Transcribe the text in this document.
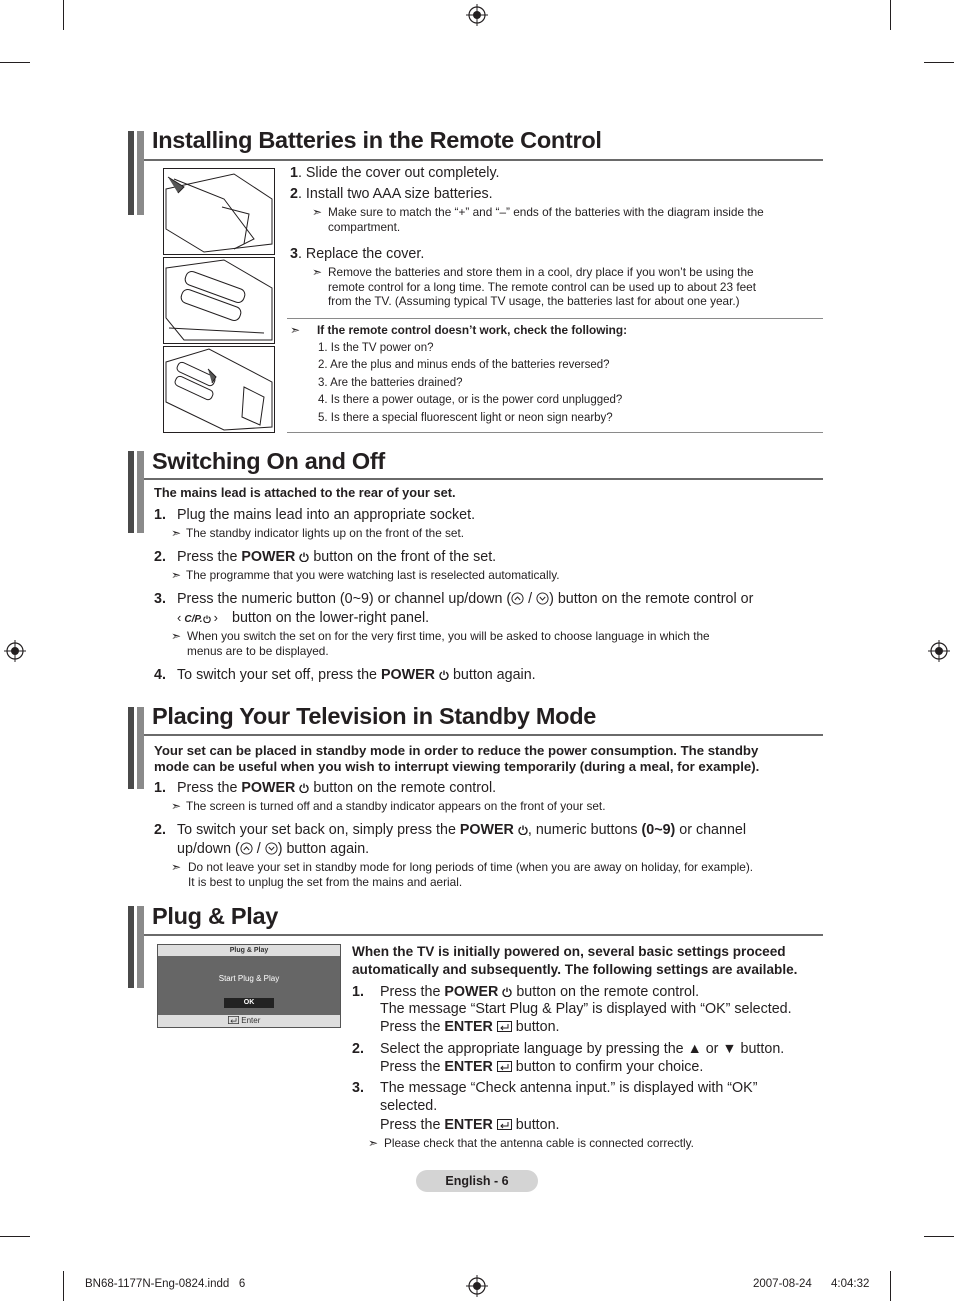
Installing Batteries in the Remote Control
1. Slide the cover out completely.
2. Install two AAA size batteries.
➣ Make sure to match the “+” and “–” ends of the batteries with the diagram inside the
compartment.
3. Replace the cover.
➣ Remove the batteries and store them in a cool, dry place if you won’t be using the
remote control for a long time. The remote control can be used up to about 23 feet
from the TV. (Assuming typical TV usage, the batteries last for about one year.)
➣ If the remote control doesn’t work, check the following:
1. Is the TV power on?
2. Are the plus and minus ends of the batteries reversed?
3. Are the batteries drained?
4. Is there a power outage, or is the power cord unplugged?
5. Is there a special fluorescent light or neon sign nearby?
Switching On and Off
The mains lead is attached to the rear of your set.
1. Plug the mains lead into an appropriate socket.
➣ The standby indicator lights up on the front of the set.
2. Press the POWER  button on the front of the set.
➣ The programme that you were watching last is reselected automatically.
3. Press the numeric button (0~9) or channel up/down ( / ) button on the remote control or
‹ C/P. › button on the lower-right panel.
➣ When you switch the set on for the very first time, you will be asked to choose language in which the
menus are to be displayed.
4. To switch your set off, press the POWER  button again.
Placing Your Television in Standby Mode
Your set can be placed in standby mode in order to reduce the power consumption. The standby
mode can be useful when you wish to interrupt viewing temporarily (during a meal, for example).
1. Press the POWER  button on the remote control.
➣ The screen is turned off and a standby indicator appears on the front of your set.
2. To switch your set back on, simply press the POWER , numeric buttons (0~9) or channel
up/down ( / ) button again.
➣ Do not leave your set in standby mode for long periods of time (when you are away on holiday, for example).
It is best to unplug the set from the mains and aerial.
Plug & Play
Plug & Play
Start Plug & Play
OK
Enter
When the TV is initially powered on, several basic settings proceed
automatically and subsequently. The following settings are available.
1. Press the POWER  button on the remote control.
The message “Start Plug & Play” is displayed with “OK” selected.
Press the ENTER  button.
2. Select the appropriate language by pressing the ▲ or ▼ button.
Press the ENTER  button to confirm your choice.
3. The message “Check antenna input.” is displayed with “OK”
selected.
Press the ENTER  button.
➣ Please check that the antenna cable is connected correctly.
English - 6
BN68-1177N-Eng-0824.indd   6	2007-08-24      4:04:32
